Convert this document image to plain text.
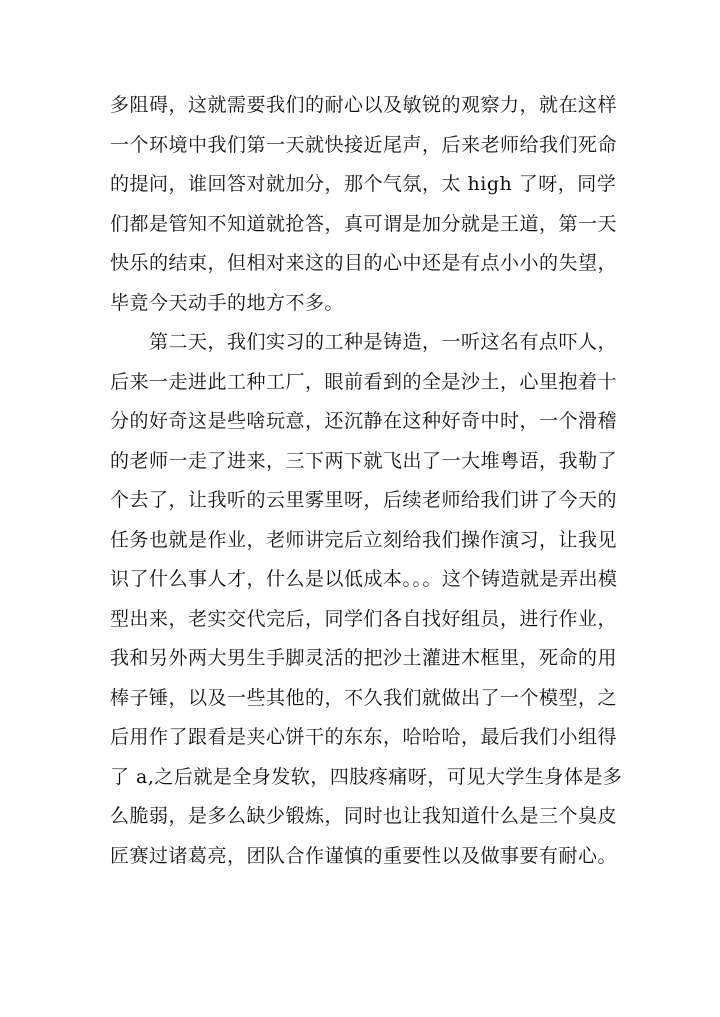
多阻碍，这就需要我们的耐心以及敏锐的观察力，就在这样
一个环境中我们第一天就快接近尾声，后来老师给我们死命
的提问，谁回答对就加分，那个气氛，太 high 了呀，同学
们都是管知不知道就抢答，真可谓是加分就是王道，第一天
快乐的结束，但相对来这的目的心中还是有点小小的失望，
毕竟今天动手的地方不多。
　　第二天，我们实习的工种是铸造，一听这名有点吓人，
后来一走进此工种工厂，眼前看到的全是沙土，心里抱着十
分的好奇这是些啥玩意，还沉静在这种好奇中时，一个滑稽
的老师一走了进来，三下两下就飞出了一大堆粤语，我勒了
个去了，让我听的云里雾里呀，后续老师给我们讲了今天的
任务也就是作业，老师讲完后立刻给我们操作演习，让我见
识了什么事人才，什么是以低成本。。。这个铸造就是弄出模
型出来，老实交代完后，同学们各自找好组员，进行作业，
我和另外两大男生手脚灵活的把沙土灌进木框里，死命的用
棒子锤，以及一些其他的，不久我们就做出了一个模型，之
后用作了跟看是夹心饼干的东东，哈哈哈，最后我们小组得
了 a,之后就是全身发软，四肢疼痛呀，可见大学生身体是多
么脆弱，是多么缺少锻炼，同时也让我知道什么是三个臭皮
匠赛过诸葛亮，团队合作谨慎的重要性以及做事要有耐心。
